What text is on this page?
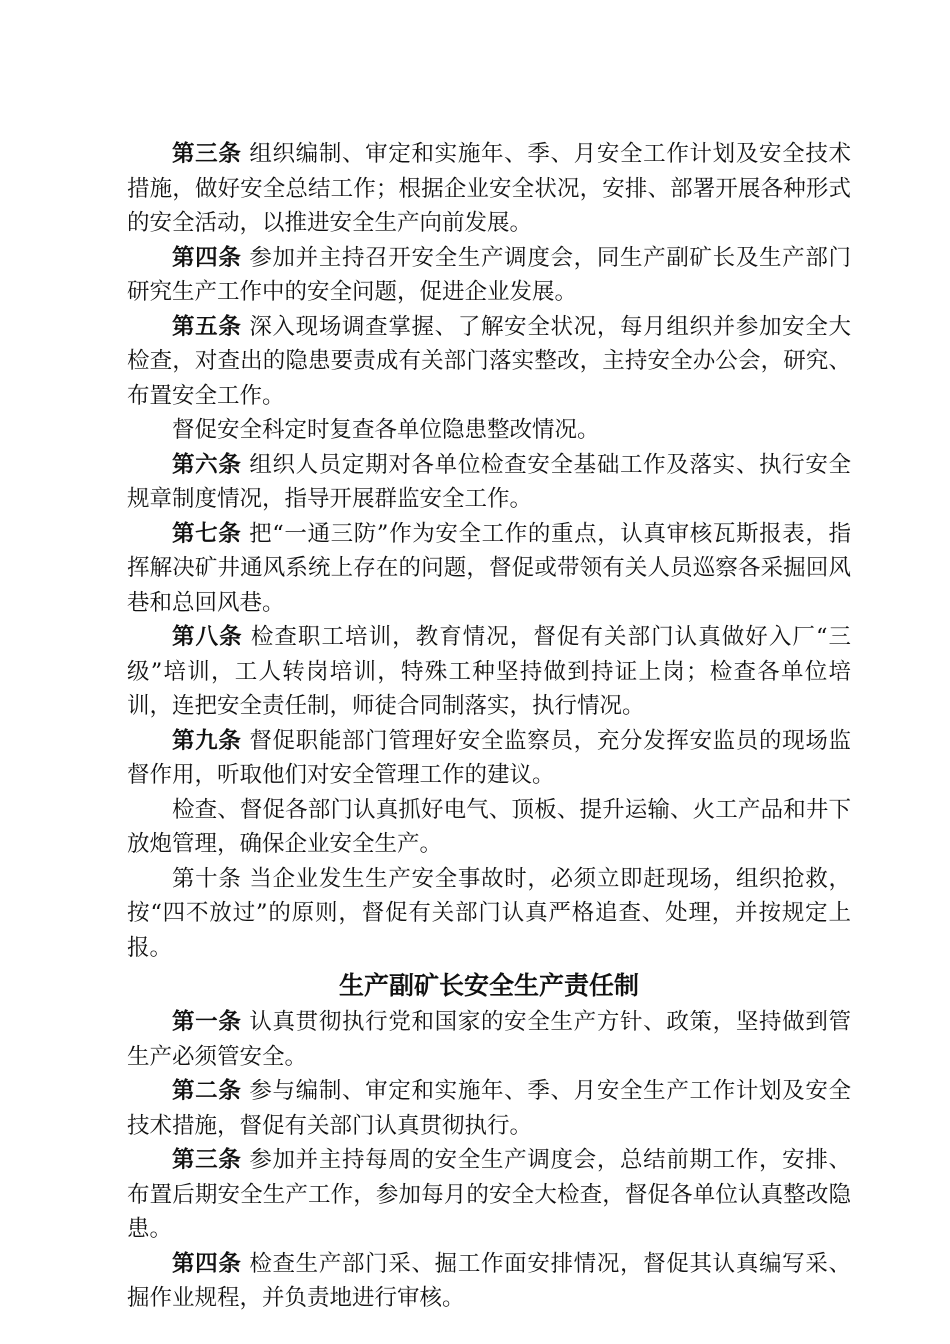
第三条 组织编制、审定和实施年、季、月安全工作计划及安全技术措施，做好安全总结工作；根据企业安全状况，安排、部署开展各种形式的安全活动，以推进安全生产向前发展。

第四条 参加并主持召开安全生产调度会，同生产副矿长及生产部门研究生产工作中的安全问题，促进企业发展。

第五条 深入现场调查掌握、了解安全状况，每月组织并参加安全大检查，对查出的隐患要责成有关部门落实整改，主持安全办公会，研究、布置安全工作。

督促安全科定时复查各单位隐患整改情况。

第六条 组织人员定期对各单位检查安全基础工作及落实、执行安全规章制度情况，指导开展群监安全工作。

第七条 把“一通三防”作为安全工作的重点，认真审核瓦斯报表，指挥解决矿井通风系统上存在的问题，督促或带领有关人员巡察各采掘回风巷和总回风巷。

第八条 检查职工培训，教育情况，督促有关部门认真做好入厂“三级”培训，工人转岗培训，特殊工种坚持做到持证上岗；检查各单位培训，连把安全责任制，师徒合同制落实，执行情况。

第九条 督促职能部门管理好安全监察员，充分发挥安监员的现场监督作用，听取他们对安全管理工作的建议。

检查、督促各部门认真抓好电气、顶板、提升运输、火工产品和井下放炮管理，确保企业安全生产。

第十条 当企业发生生产安全事故时，必须立即赶现场，组织抢救，按“四不放过”的原则，督促有关部门认真严格追查、处理，并按规定上报。

生产副矿长安全生产责任制

第一条 认真贯彻执行党和国家的安全生产方针、政策，坚持做到管生产必须管安全。

第二条 参与编制、审定和实施年、季、月安全生产工作计划及安全技术措施，督促有关部门认真贯彻执行。

第三条 参加并主持每周的安全生产调度会，总结前期工作，安排、布置后期安全生产工作，参加每月的安全大检查，督促各单位认真整改隐患。

第四条 检查生产部门采、掘工作面安排情况，督促其认真编写采、掘作业规程，并负责地进行审核。
